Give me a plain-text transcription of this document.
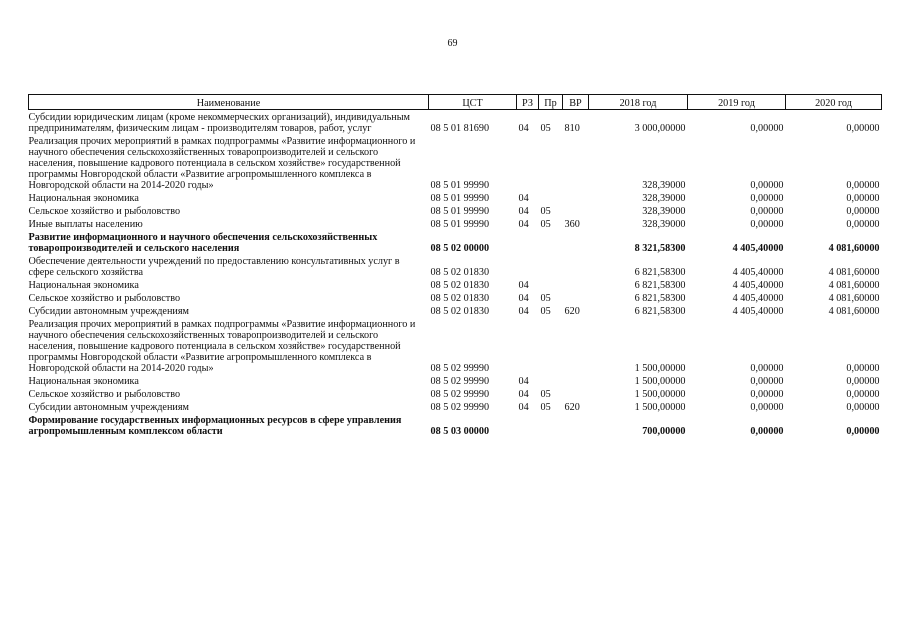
69
Наименование	ЦСТ	РЗ	Пр	ВР	2018 год	2019 год	2020 год
Субсидии юридическим лицам (кроме некоммерческих организаций), индивидуальным предпринимателям, физическим лицам - производителям товаров, работ, услуг	08 5 01 81690	04	05	810	3 000,00000	0,00000	0,00000
Реализация прочих мероприятий в рамках подпрограммы «Развитие информационного и научного обеспечения сельскохозяйственных товаропроизводителей и сельского населения, повышение кадрового потенциала в сельском хозяйстве» государственной программы Новгородской области «Развитие агропромышленного комплекса в Новгородской области на 2014-2020 годы»	08 5 01 99990				328,39000	0,00000	0,00000
Национальная экономика	08 5 01 99990	04			328,39000	0,00000	0,00000
Сельское хозяйство и рыболовство	08 5 01 99990	04	05		328,39000	0,00000	0,00000
Иные выплаты населению	08 5 01 99990	04	05	360	328,39000	0,00000	0,00000
Развитие информационного и научного обеспечения сельскохозяйственных товаропроизводителей и сельского населения	08 5 02 00000				8 321,58300	4 405,40000	4 081,60000
Обеспечение деятельности учреждений по предоставлению консультативных услуг в сфере сельского хозяйства	08 5 02 01830				6 821,58300	4 405,40000	4 081,60000
Национальная экономика	08 5 02 01830	04			6 821,58300	4 405,40000	4 081,60000
Сельское хозяйство и рыболовство	08 5 02 01830	04	05		6 821,58300	4 405,40000	4 081,60000
Субсидии автономным учреждениям	08 5 02 01830	04	05	620	6 821,58300	4 405,40000	4 081,60000
Реализация прочих мероприятий в рамках подпрограммы «Развитие информационного и научного обеспечения сельскохозяйственных товаропроизводителей и сельского населения, повышение кадрового потенциала в сельском хозяйстве» государственной программы Новгородской области «Развитие агропромышленного комплекса в Новгородской области на 2014-2020 годы»	08 5 02 99990				1 500,00000	0,00000	0,00000
Национальная экономика	08 5 02 99990	04			1 500,00000	0,00000	0,00000
Сельское хозяйство и рыболовство	08 5 02 99990	04	05		1 500,00000	0,00000	0,00000
Субсидии автономным учреждениям	08 5 02 99990	04	05	620	1 500,00000	0,00000	0,00000
Формирование государственных информационных ресурсов в сфере управления агропромышленным комплексом области	08 5 03 00000				700,00000	0,00000	0,00000
